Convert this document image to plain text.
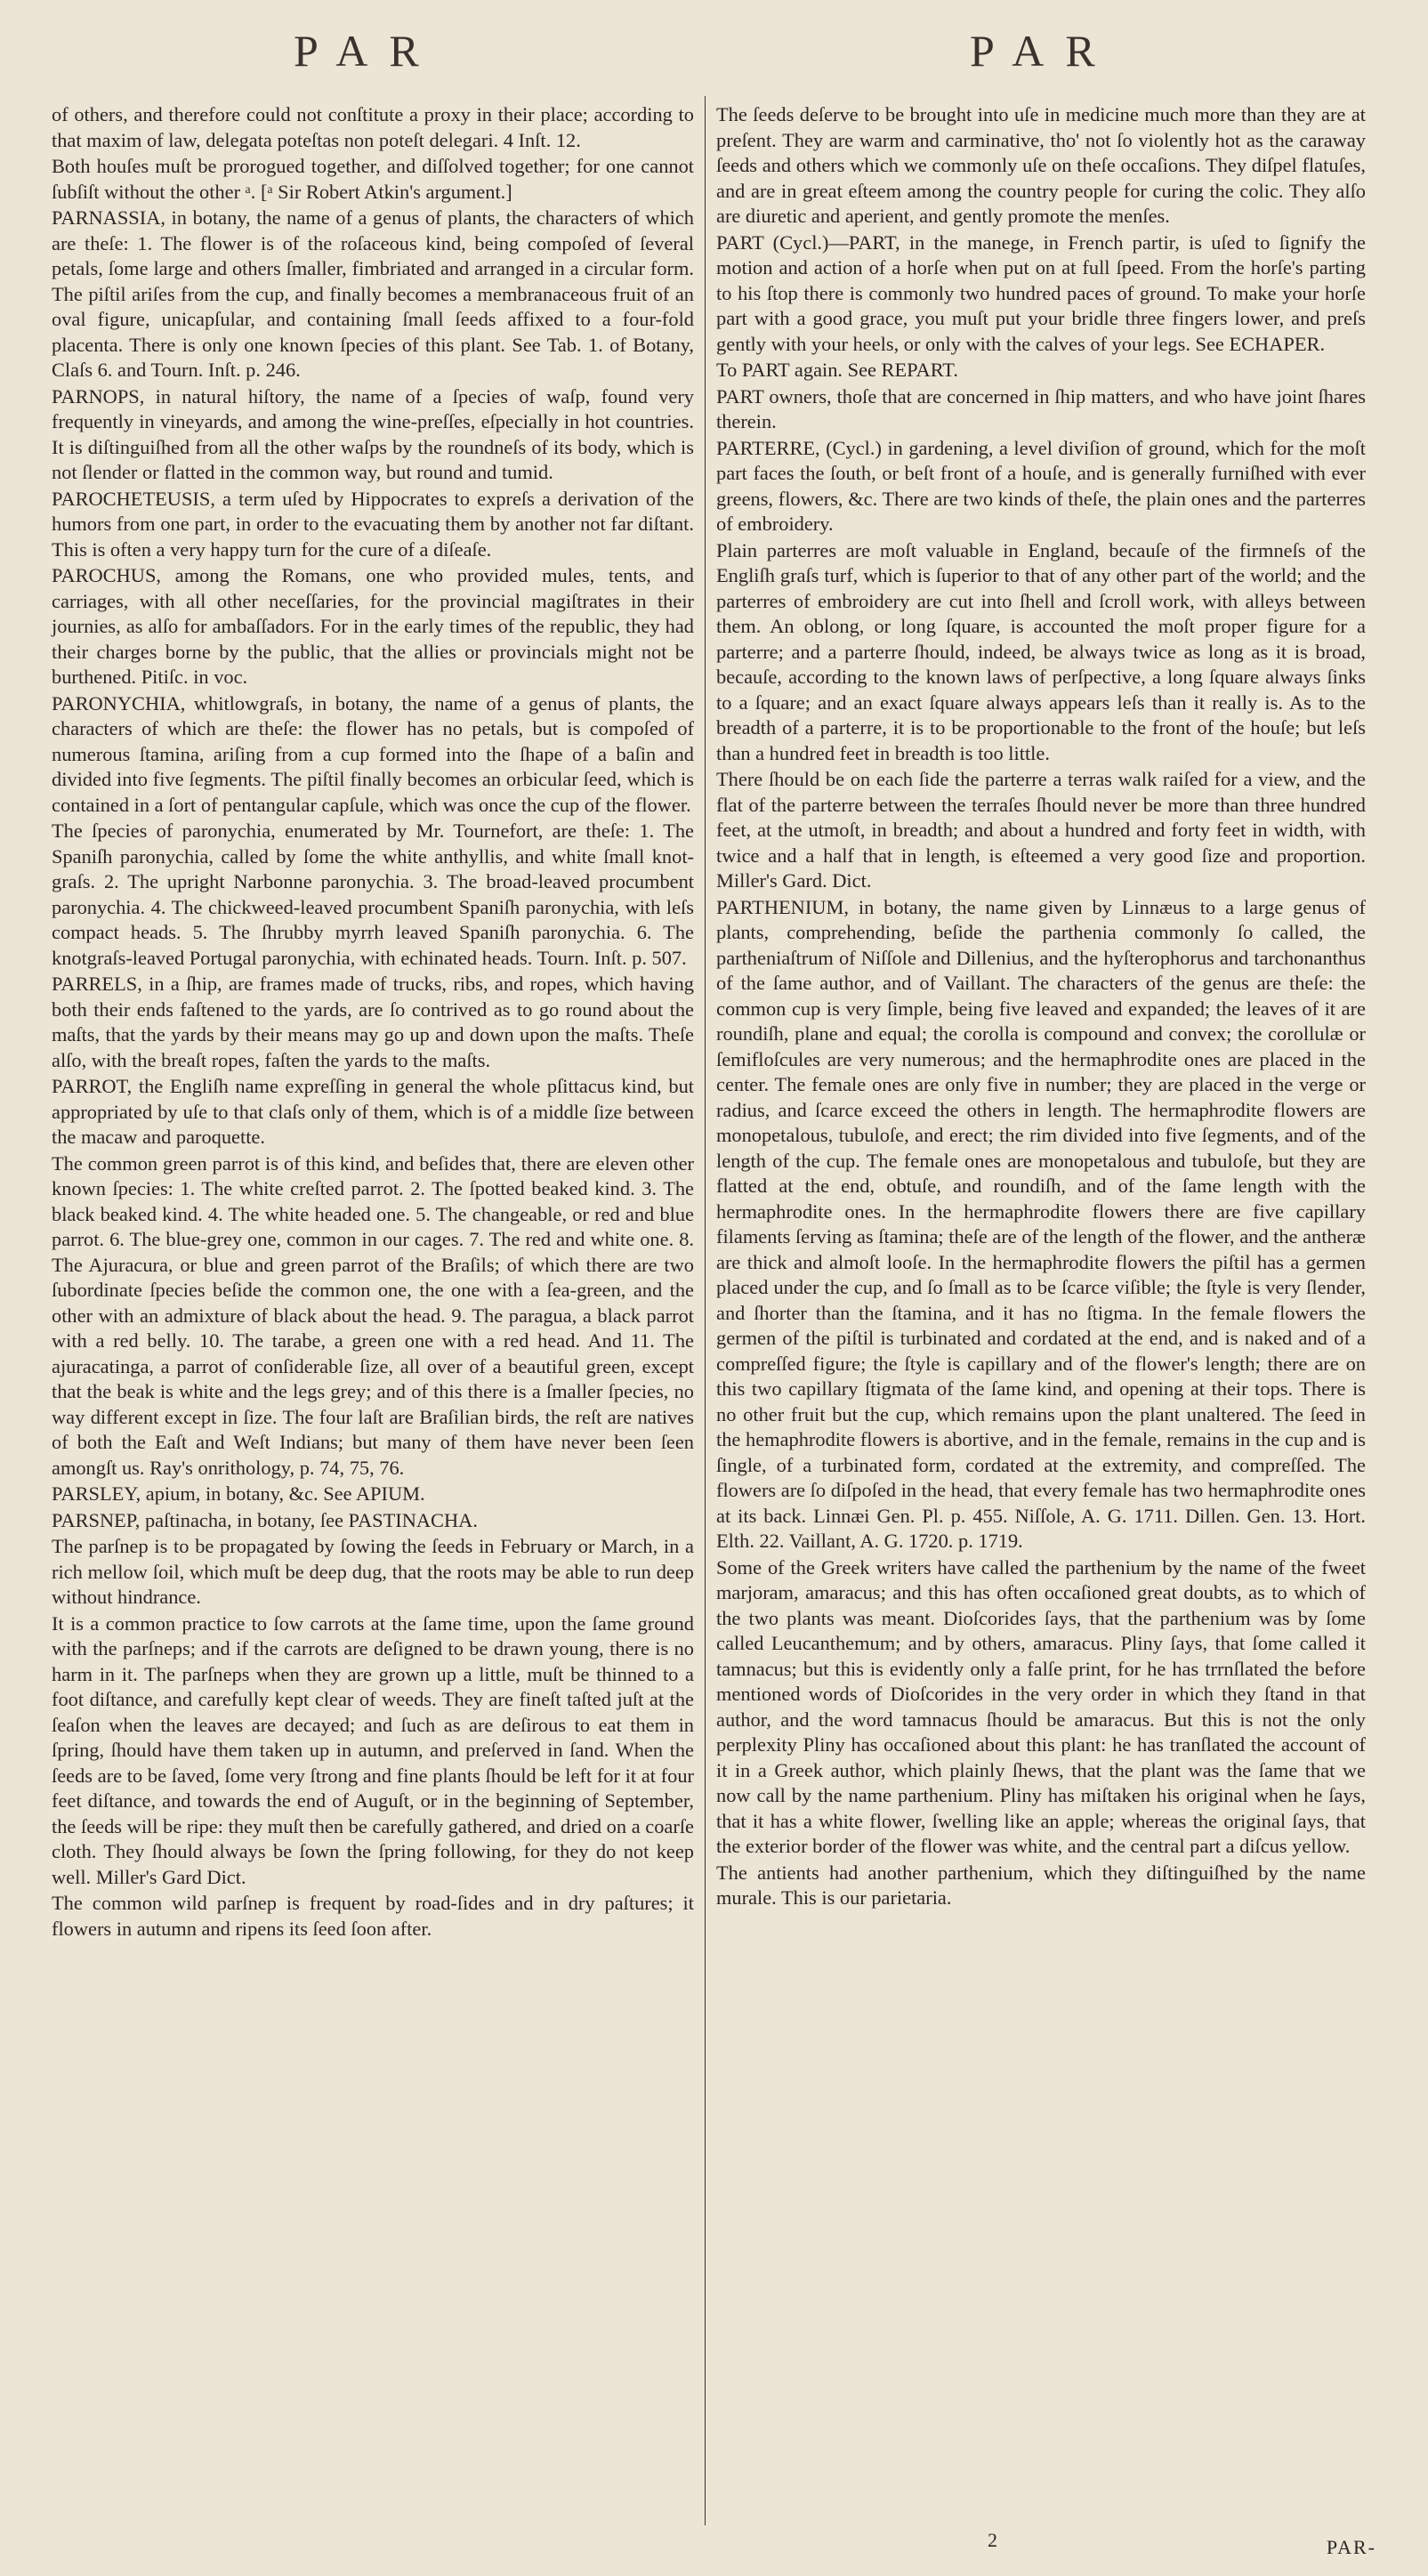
PAR	PAR

of others, and therefore could not conſtitute a proxy in their place; according to that maxim of law, delegata poteſtas non poteſt delegari. 4 Inſt. 12.

Both houſes muſt be prorogued together, and diſſolved together; for one cannot ſubſiſt without the other ᵃ. [ᵃ Sir Robert Atkin's argument.]

PARNASSIA, in botany, the name of a genus of plants, the characters of which are theſe: 1. The flower is of the roſaceous kind, being compoſed of ſeveral petals, ſome large and others ſmaller, fimbriated and arranged in a circular form. The piſtil ariſes from the cup, and finally becomes a membranaceous fruit of an oval figure, unicapſular, and containing ſmall ſeeds affixed to a four-fold placenta. There is only one known ſpecies of this plant. See Tab. 1. of Botany, Claſs 6. and Tourn. Inſt. p. 246.

PARNOPS, in natural hiſtory, the name of a ſpecies of waſp, found very frequently in vineyards, and among the wine-preſſes, eſpecially in hot countries. It is diſtinguiſhed from all the other waſps by the roundneſs of its body, which is not ſlender or flatted in the common way, but round and tumid.

PAROCHETEUSIS, a term uſed by Hippocrates to expreſs a derivation of the humors from one part, in order to the evacuating them by another not far diſtant. This is often a very happy turn for the cure of a diſeaſe.

PAROCHUS, among the Romans, one who provided mules, tents, and carriages, with all other neceſſaries, for the provincial magiſtrates in their journies, as alſo for ambaſſadors. For in the early times of the republic, they had their charges borne by the public, that the allies or provincials might not be burthened. Pitiſc. in voc.

PARONYCHIA, whitlowgraſs, in botany, the name of a genus of plants, the characters of which are theſe: the flower has no petals, but is compoſed of numerous ſtamina, ariſing from a cup formed into the ſhape of a baſin and divided into five ſegments. The piſtil finally becomes an orbicular ſeed, which is contained in a ſort of pentangular capſule, which was once the cup of the flower.

The ſpecies of paronychia, enumerated by Mr. Tournefort, are theſe: 1. The Spaniſh paronychia, called by ſome the white anthyllis, and white ſmall knot-graſs. 2. The upright Narbonne paronychia. 3. The broad-leaved procumbent paronychia. 4. The chickweed-leaved procumbent Spaniſh paronychia, with leſs compact heads. 5. The ſhrubby myrrh leaved Spaniſh paronychia. 6. The knotgraſs-leaved Portugal paronychia, with echinated heads. Tourn. Inſt. p. 507.

PARRELS, in a ſhip, are frames made of trucks, ribs, and ropes, which having both their ends faſtened to the yards, are ſo contrived as to go round about the maſts, that the yards by their means may go up and down upon the maſts. Theſe alſo, with the breaſt ropes, faſten the yards to the maſts.

PARROT, the Engliſh name expreſſing in general the whole pſittacus kind, but appropriated by uſe to that claſs only of them, which is of a middle ſize between the macaw and paroquette.

The common green parrot is of this kind, and beſides that, there are eleven other known ſpecies: 1. The white creſted parrot. 2. The ſpotted beaked kind. 3. The black beaked kind. 4. The white headed one. 5. The changeable, or red and blue parrot. 6. The blue-grey one, common in our cages. 7. The red and white one. 8. The Ajuracura, or blue and green parrot of the Braſils; of which there are two ſubordinate ſpecies beſide the common one, the one with a ſea-green, and the other with an admixture of black about the head. 9. The paragua, a black parrot with a red belly. 10. The tarabe, a green one with a red head. And 11. The ajuracatinga, a parrot of conſiderable ſize, all over of a beautiful green, except that the beak is white and the legs grey; and of this there is a ſmaller ſpecies, no way different except in ſize. The four laſt are Braſilian birds, the reſt are natives of both the Eaſt and Weſt Indians; but many of them have never been ſeen amongſt us. Ray's onrithology, p. 74, 75, 76.

PARSLEY, apium, in botany, &c. See APIUM.

PARSNEP, paſtinacha, in botany, ſee PASTINACHA.

The parſnep is to be propagated by ſowing the ſeeds in February or March, in a rich mellow ſoil, which muſt be deep dug, that the roots may be able to run deep without hindrance.

It is a common practice to ſow carrots at the ſame time, upon the ſame ground with the parſneps; and if the carrots are deſigned to be drawn young, there is no harm in it. The parſneps when they are grown up a little, muſt be thinned to a foot diſtance, and carefully kept clear of weeds. They are fineſt taſted juſt at the ſeaſon when the leaves are decayed; and ſuch as are deſirous to eat them in ſpring, ſhould have them taken up in autumn, and preſerved in ſand. When the ſeeds are to be ſaved, ſome very ſtrong and fine plants ſhould be left for it at four feet diſtance, and towards the end of Auguſt, or in the beginning of September, the ſeeds will be ripe: they muſt then be carefully gathered, and dried on a coarſe cloth. They ſhould always be ſown the ſpring following, for they do not keep well. Miller's Gard Dict.

The common wild parſnep is frequent by road-ſides and in dry paſtures; it flowers in autumn and ripens its ſeed ſoon after.

The ſeeds deſerve to be brought into uſe in medicine much more than they are at preſent. They are warm and carminative, tho' not ſo violently hot as the caraway ſeeds and others which we commonly uſe on theſe occaſions. They diſpel flatuſes, and are in great eſteem among the country people for curing the colic. They alſo are diuretic and aperient, and gently promote the menſes.

PART (Cycl.)—PART, in the manege, in French partir, is uſed to ſignify the motion and action of a horſe when put on at full ſpeed. From the horſe's parting to his ſtop there is commonly two hundred paces of ground. To make your horſe part with a good grace, you muſt put your bridle three fingers lower, and preſs gently with your heels, or only with the calves of your legs. See ECHAPER.

To PART again. See REPART.

PART owners, thoſe that are concerned in ſhip matters, and who have joint ſhares therein.

PARTERRE, (Cycl.) in gardening, a level diviſion of ground, which for the moſt part faces the ſouth, or beſt front of a houſe, and is generally furniſhed with ever greens, flowers, &c. There are two kinds of theſe, the plain ones and the parterres of embroidery.

Plain parterres are moſt valuable in England, becauſe of the firmneſs of the Engliſh graſs turf, which is ſuperior to that of any other part of the world; and the parterres of embroidery are cut into ſhell and ſcroll work, with alleys between them. An oblong, or long ſquare, is accounted the moſt proper figure for a parterre; and a parterre ſhould, indeed, be always twice as long as it is broad, becauſe, according to the known laws of perſpective, a long ſquare always ſinks to a ſquare; and an exact ſquare always appears leſs than it really is. As to the breadth of a parterre, it is to be proportionable to the front of the houſe; but leſs than a hundred feet in breadth is too little.

There ſhould be on each ſide the parterre a terras walk raiſed for a view, and the flat of the parterre between the terraſes ſhould never be more than three hundred feet, at the utmoſt, in breadth; and about a hundred and forty feet in width, with twice and a half that in length, is eſteemed a very good ſize and proportion. Miller's Gard. Dict.

PARTHENIUM, in botany, the name given by Linnæus to a large genus of plants, comprehending, beſide the parthenia commonly ſo called, the partheniaſtrum of Niſſole and Dillenius, and the hyſterophorus and tarchonanthus of the ſame author, and of Vaillant. The characters of the genus are theſe: the common cup is very ſimple, being five leaved and expanded; the leaves of it are roundiſh, plane and equal; the corolla is compound and convex; the corollulæ or ſemifloſcules are very numerous; and the hermaphrodite ones are placed in the center. The female ones are only five in number; they are placed in the verge or radius, and ſcarce exceed the others in length. The hermaphrodite flowers are monopetalous, tubuloſe, and erect; the rim divided into five ſegments, and of the length of the cup. The female ones are monopetalous and tubuloſe, but they are flatted at the end, obtuſe, and roundiſh, and of the ſame length with the hermaphrodite ones. In the hermaphrodite flowers there are five capillary filaments ſerving as ſtamina; theſe are of the length of the flower, and the antheræ are thick and almoſt looſe. In the hermaphrodite flowers the piſtil has a germen placed under the cup, and ſo ſmall as to be ſcarce viſible; the ſtyle is very ſlender, and ſhorter than the ſtamina, and it has no ſtigma. In the female flowers the germen of the piſtil is turbinated and cordated at the end, and is naked and of a compreſſed figure; the ſtyle is capillary and of the flower's length; there are on this two capillary ſtigmata of the ſame kind, and opening at their tops. There is no other fruit but the cup, which remains upon the plant unaltered. The ſeed in the hemaphrodite flowers is abortive, and in the female, remains in the cup and is ſingle, of a turbinated form, cordated at the extremity, and compreſſed. The flowers are ſo diſpoſed in the head, that every female has two hermaphrodite ones at its back. Linnæi Gen. Pl. p. 455. Niſſole, A. G. 1711. Dillen. Gen. 13. Hort. Elth. 22. Vaillant, A. G. 1720. p. 1719.

Some of the Greek writers have called the parthenium by the name of the fweet marjoram, amaracus; and this has often occaſioned great doubts, as to which of the two plants was meant. Dioſcorides ſays, that the parthenium was by ſome called Leucanthemum; and by others, amaracus. Pliny ſays, that ſome called it tamnacus; but this is evidently only a falſe print, for he has trrnſlated the before mentioned words of Dioſcorides in the very order in which they ſtand in that author, and the word tamnacus ſhould be amaracus. But this is not the only perplexity Pliny has occaſioned about this plant: he has tranſlated the account of it in a Greek author, which plainly ſhews, that the plant was the ſame that we now call by the name parthenium. Pliny has miſtaken his original when he ſays, that it has a white flower, ſwelling like an apple; whereas the original ſays, that the exterior border of the flower was white, and the central part a diſcus yellow.

The antients had another parthenium, which they diſtinguiſhed by the name murale. This is our parietaria.

2	PAR-
